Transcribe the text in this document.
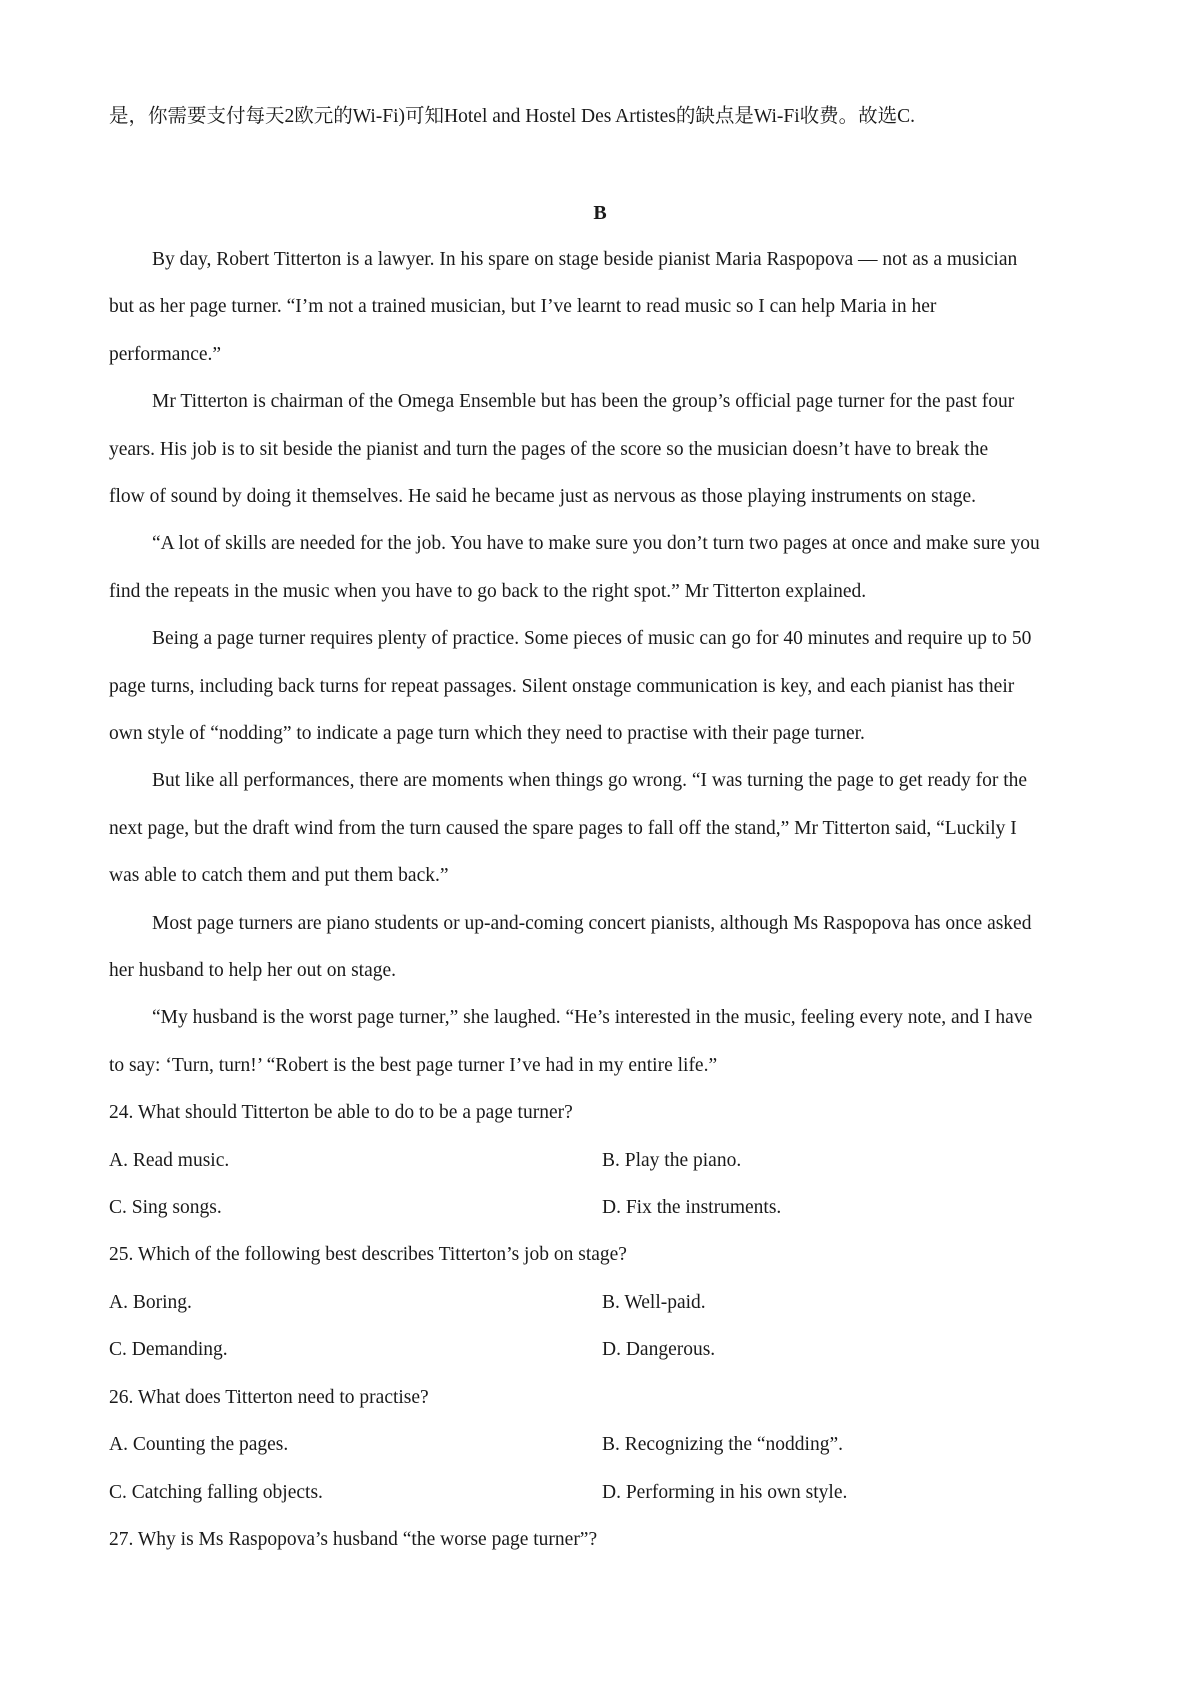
是，你需要支付每天2欧元的Wi-Fi)可知Hotel and Hostel Des Artistes的缺点是Wi-Fi收费。故选C.
B
By day, Robert Titterton is a lawyer. In his spare on stage beside pianist Maria Raspopova — not as a musician
but as her page turner. “I’m not a trained musician, but I’ve learnt to read music so I can help Maria in her
performance.”
Mr Titterton is chairman of the Omega Ensemble but has been the group’s official page turner for the past four
years. His job is to sit beside the pianist and turn the pages of the score so the musician doesn’t have to break the
flow of sound by doing it themselves. He said he became just as nervous as those playing instruments on stage.
“A lot of skills are needed for the job. You have to make sure you don’t turn two pages at once and make sure you
find the repeats in the music when you have to go back to the right spot.” Mr Titterton explained.
Being a page turner requires plenty of practice. Some pieces of music can go for 40 minutes and require up to 50
page turns, including back turns for repeat passages. Silent onstage communication is key, and each pianist has their
own style of “nodding” to indicate a page turn which they need to practise with their page turner.
But like all performances, there are moments when things go wrong. “I was turning the page to get ready for the
next page, but the draft wind from the turn caused the spare pages to fall off the stand,” Mr Titterton said, “Luckily I
was able to catch them and put them back.”
Most page turners are piano students or up-and-coming concert pianists, although Ms Raspopova has once asked
her husband to help her out on stage.
“My husband is the worst page turner,” she laughed. “He’s interested in the music, feeling every note, and I have
to say: ‘Turn, turn!’ “Robert is the best page turner I’ve had in my entire life.”
24. What should Titterton be able to do to be a page turner?
A. Read music.	B. Play the piano.
C. Sing songs.	D. Fix the instruments.
25. Which of the following best describes Titterton’s job on stage?
A. Boring.	B. Well-paid.
C. Demanding.	D. Dangerous.
26. What does Titterton need to practise?
A. Counting the pages.	B. Recognizing the “nodding”.
C. Catching falling objects.	D. Performing in his own style.
27. Why is Ms Raspopova’s husband “the worse page turner”?
